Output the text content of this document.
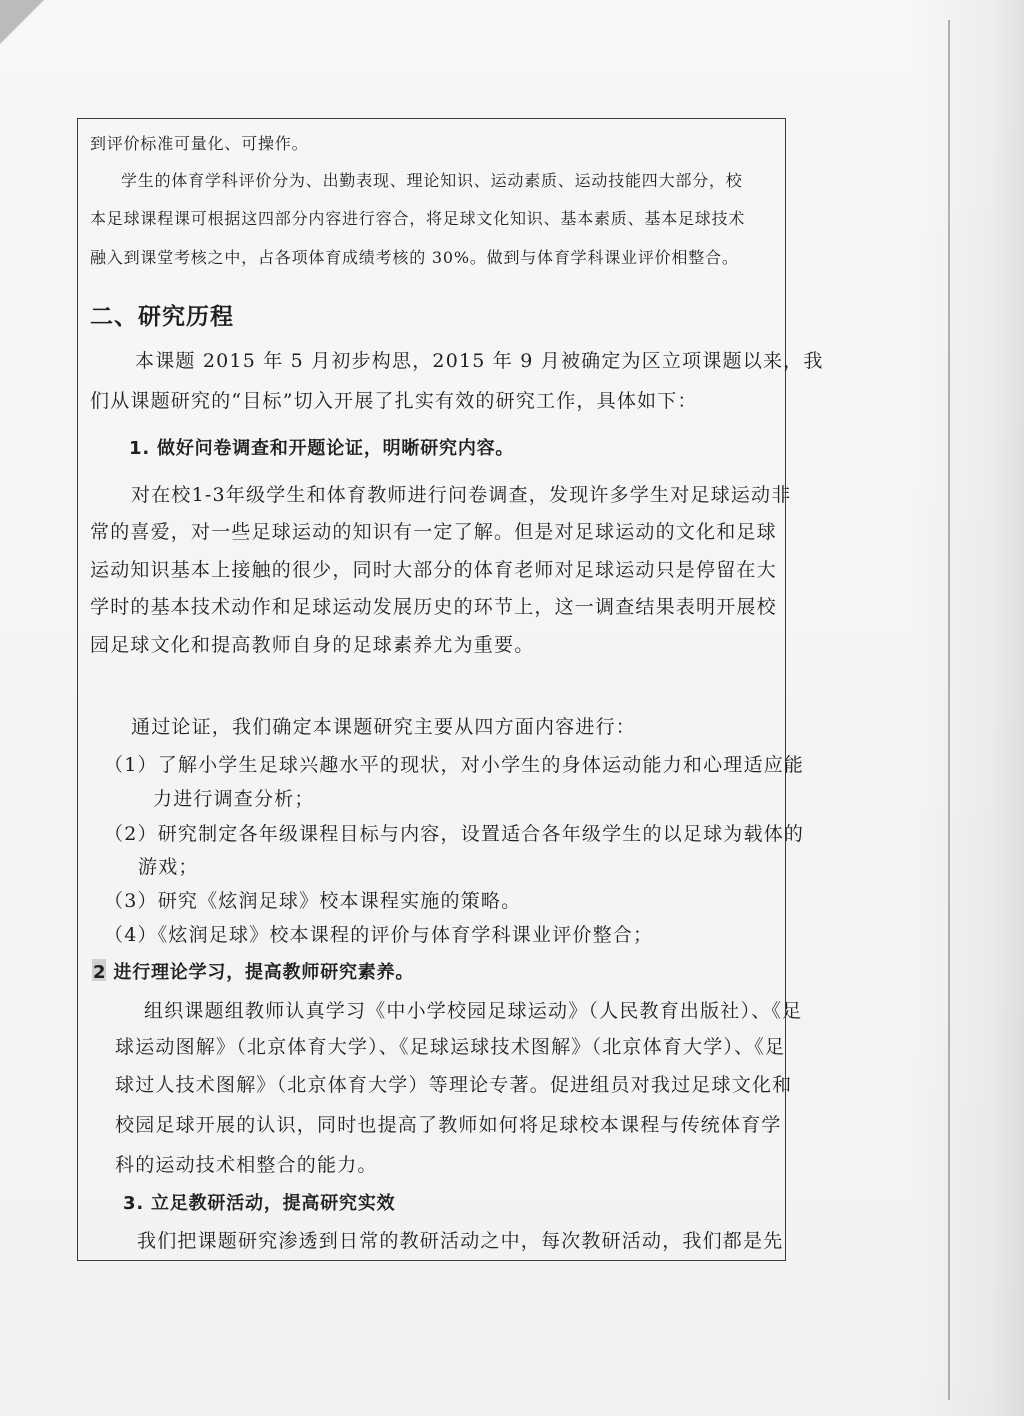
到评价标准可量化、可操作。
学生的体育学科评价分为、出勤表现、理论知识、运动素质、运动技能四大部分，校
本足球课程课可根据这四部分内容进行容合，将足球文化知识、基本素质、基本足球技术
融入到课堂考核之中，占各项体育成绩考核的 30%。做到与体育学科课业评价相整合。
二、研究历程
本课题 2015 年 5 月初步构思，2015 年 9 月被确定为区立项课题以来，我
们从课题研究的“目标”切入开展了扎实有效的研究工作，具体如下：
1. 做好问卷调查和开题论证，明晰研究内容。
对在校1-3年级学生和体育教师进行问卷调查，发现许多学生对足球运动非
常的喜爱，对一些足球运动的知识有一定了解。但是对足球运动的文化和足球
运动知识基本上接触的很少，同时大部分的体育老师对足球运动只是停留在大
学时的基本技术动作和足球运动发展历史的环节上，这一调查结果表明开展校
园足球文化和提高教师自身的足球素养尤为重要。
通过论证，我们确定本课题研究主要从四方面内容进行：
（1）了解小学生足球兴趣水平的现状，对小学生的身体运动能力和心理适应能
力进行调查分析；
（2）研究制定各年级课程目标与内容，设置适合各年级学生的以足球为载体的
游戏；
（3）研究《炫润足球》校本课程实施的策略。
（4）《炫润足球》校本课程的评价与体育学科课业评价整合；
2 进行理论学习，提高教师研究素养。
组织课题组教师认真学习《中小学校园足球运动》（人民教育出版社）、《足
球运动图解》（北京体育大学）、《足球运球技术图解》（北京体育大学）、《足
球过人技术图解》（北京体育大学）等理论专著。促进组员对我过足球文化和
校园足球开展的认识，同时也提高了教师如何将足球校本课程与传统体育学
科的运动技术相整合的能力。
3. 立足教研活动，提高研究实效
我们把课题研究渗透到日常的教研活动之中，每次教研活动，我们都是先
